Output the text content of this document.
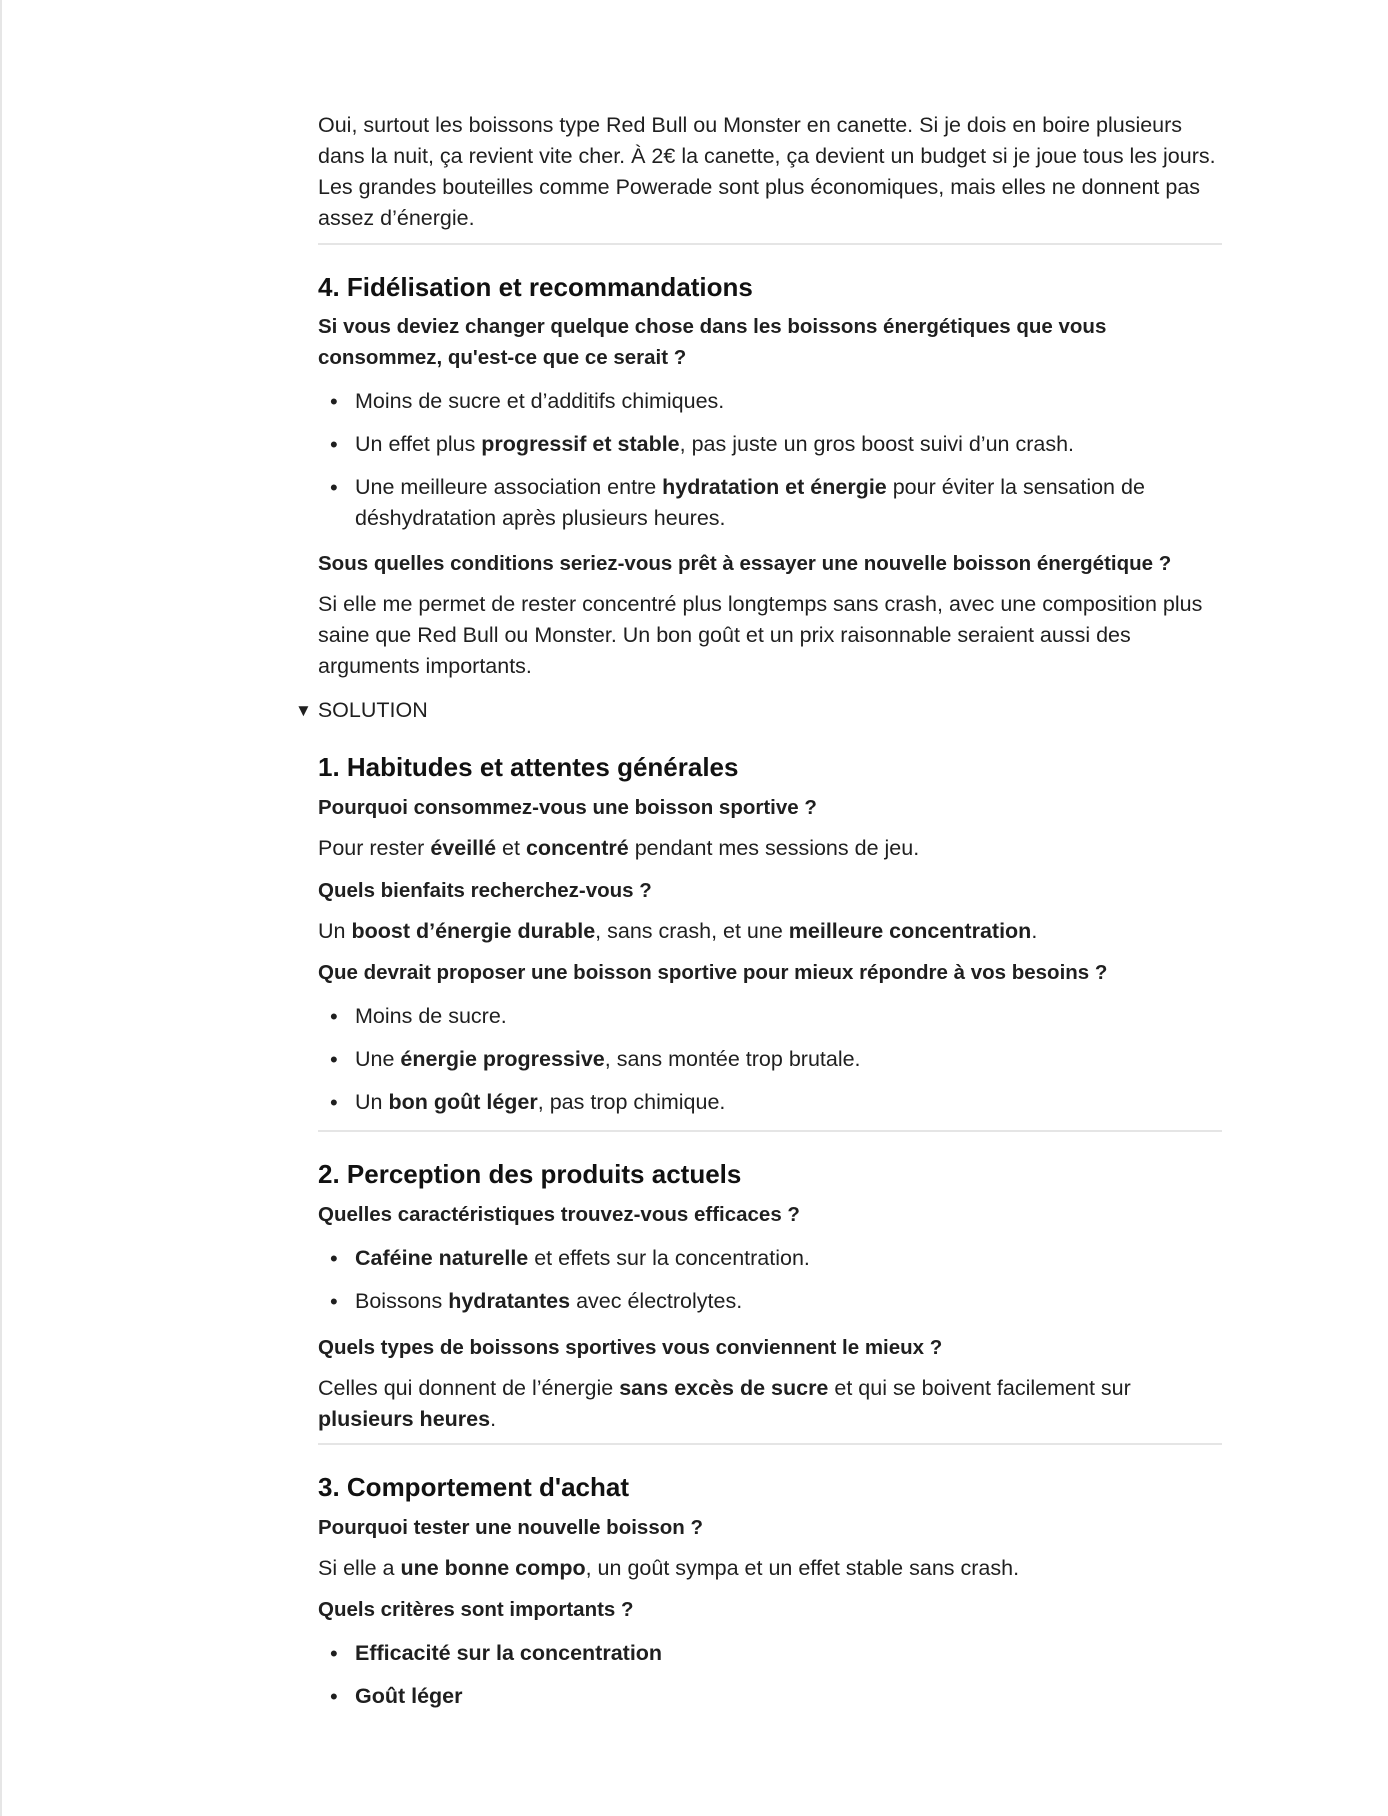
Oui, surtout les boissons type Red Bull ou Monster en canette. Si je dois en boire plusieurs dans la nuit, ça revient vite cher. À 2€ la canette, ça devient un budget si je joue tous les jours. Les grandes bouteilles comme Powerade sont plus économiques, mais elles ne donnent pas assez d’énergie.

4. Fidélisation et recommandations

Si vous deviez changer quelque chose dans les boissons énergétiques que vous consommez, qu'est-ce que ce serait ?

• Moins de sucre et d’additifs chimiques.
• Un effet plus progressif et stable, pas juste un gros boost suivi d’un crash.
• Une meilleure association entre hydratation et énergie pour éviter la sensation de déshydratation après plusieurs heures.

Sous quelles conditions seriez-vous prêt à essayer une nouvelle boisson énergétique ?

Si elle me permet de rester concentré plus longtemps sans crash, avec une composition plus saine que Red Bull ou Monster. Un bon goût et un prix raisonnable seraient aussi des arguments importants.

▼ SOLUTION
1. Habitudes et attentes générales

Pourquoi consommez-vous une boisson sportive ?

Pour rester éveillé et concentré pendant mes sessions de jeu.

Quels bienfaits recherchez-vous ?

Un boost d’énergie durable, sans crash, et une meilleure concentration.

Que devrait proposer une boisson sportive pour mieux répondre à vos besoins ?

• Moins de sucre.
• Une énergie progressive, sans montée trop brutale.
• Un bon goût léger, pas trop chimique.
2. Perception des produits actuels

Quelles caractéristiques trouvez-vous efficaces ?

• Caféine naturelle et effets sur la concentration.
• Boissons hydratantes avec électrolytes.

Quels types de boissons sportives vous conviennent le mieux ?

Celles qui donnent de l’énergie sans excès de sucre et qui se boivent facilement sur plusieurs heures.

3. Comportement d'achat

Pourquoi tester une nouvelle boisson ?

Si elle a une bonne compo, un goût sympa et un effet stable sans crash.

Quels critères sont importants ?

• Efficacité sur la concentration
• Goût léger
